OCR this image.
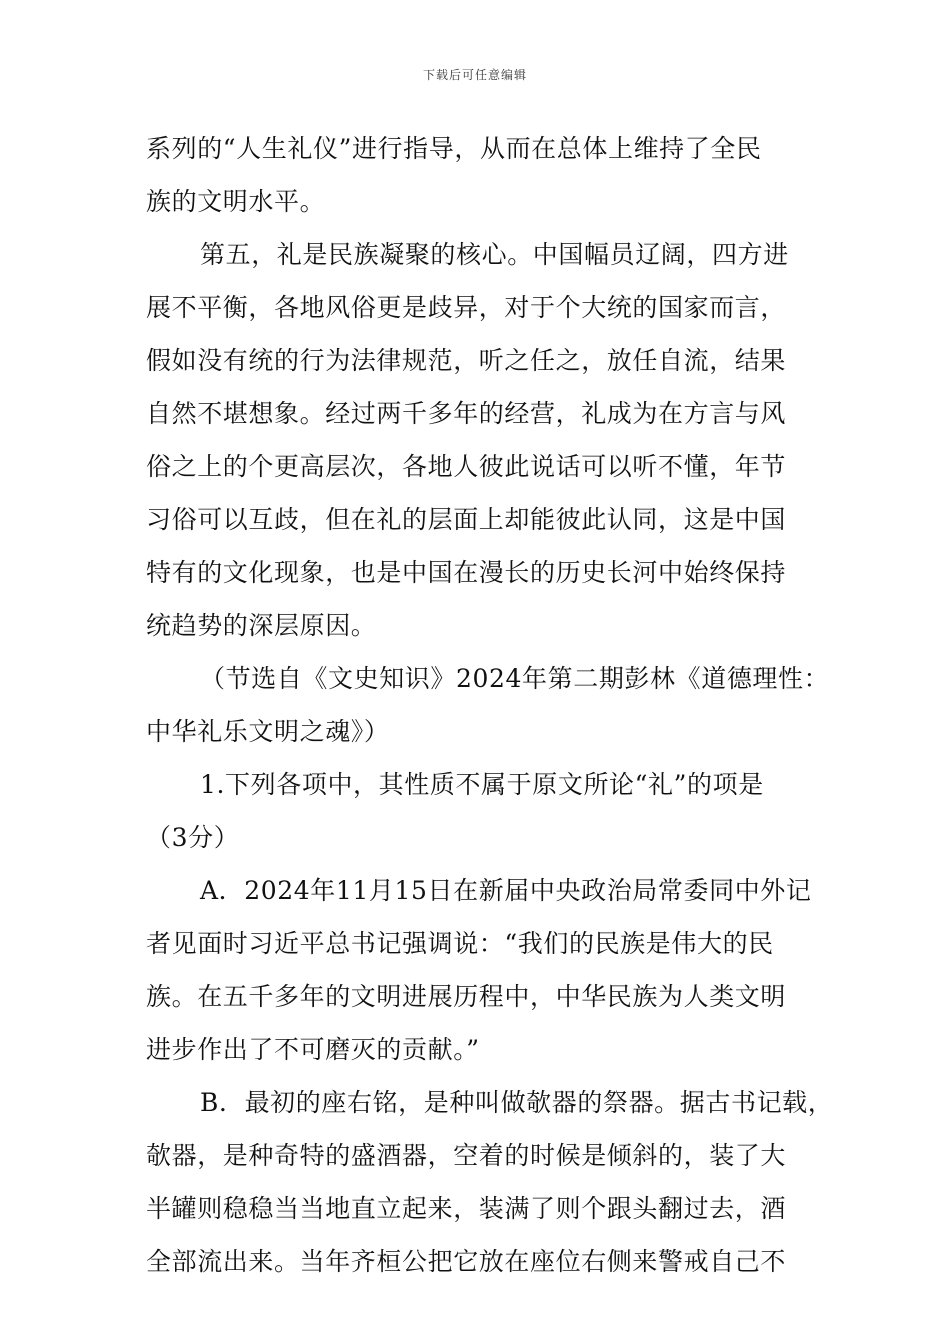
下载后可任意编辑
系列的“人生礼仪”进行指导，从而在总体上维持了全民
族的文明水平。
第五，礼是民族凝聚的核心。中国幅员辽阔，四方进
展不平衡，各地风俗更是歧异，对于个大统的国家而言，
假如没有统的行为法律规范，听之任之，放任自流，结果
自然不堪想象。经过两千多年的经营，礼成为在方言与风
俗之上的个更高层次，各地人彼此说话可以听不懂，年节
习俗可以互歧，但在礼的层面上却能彼此认同，这是中国
特有的文化现象，也是中国在漫长的历史长河中始终保持
统趋势的深层原因。
（节选自《文史知识》2024年第二期彭林《道德理性：
中华礼乐文明之魂》）
1.下列各项中，其性质不属于原文所论“礼”的项是
（3分）
A．2024年11月15日在新届中央政治局常委同中外记
者见面时习近平总书记强调说：“我们的民族是伟大的民
族。在五千多年的文明进展历程中，中华民族为人类文明
进步作出了不可磨灭的贡献。”
B．最初的座右铭，是种叫做欹器的祭器。据古书记载，
欹器，是种奇特的盛酒器，空着的时候是倾斜的，装了大
半罐则稳稳当当地直立起来，装满了则个跟头翻过去，酒
全部流出来。当年齐桓公把它放在座位右侧来警戒自己不
